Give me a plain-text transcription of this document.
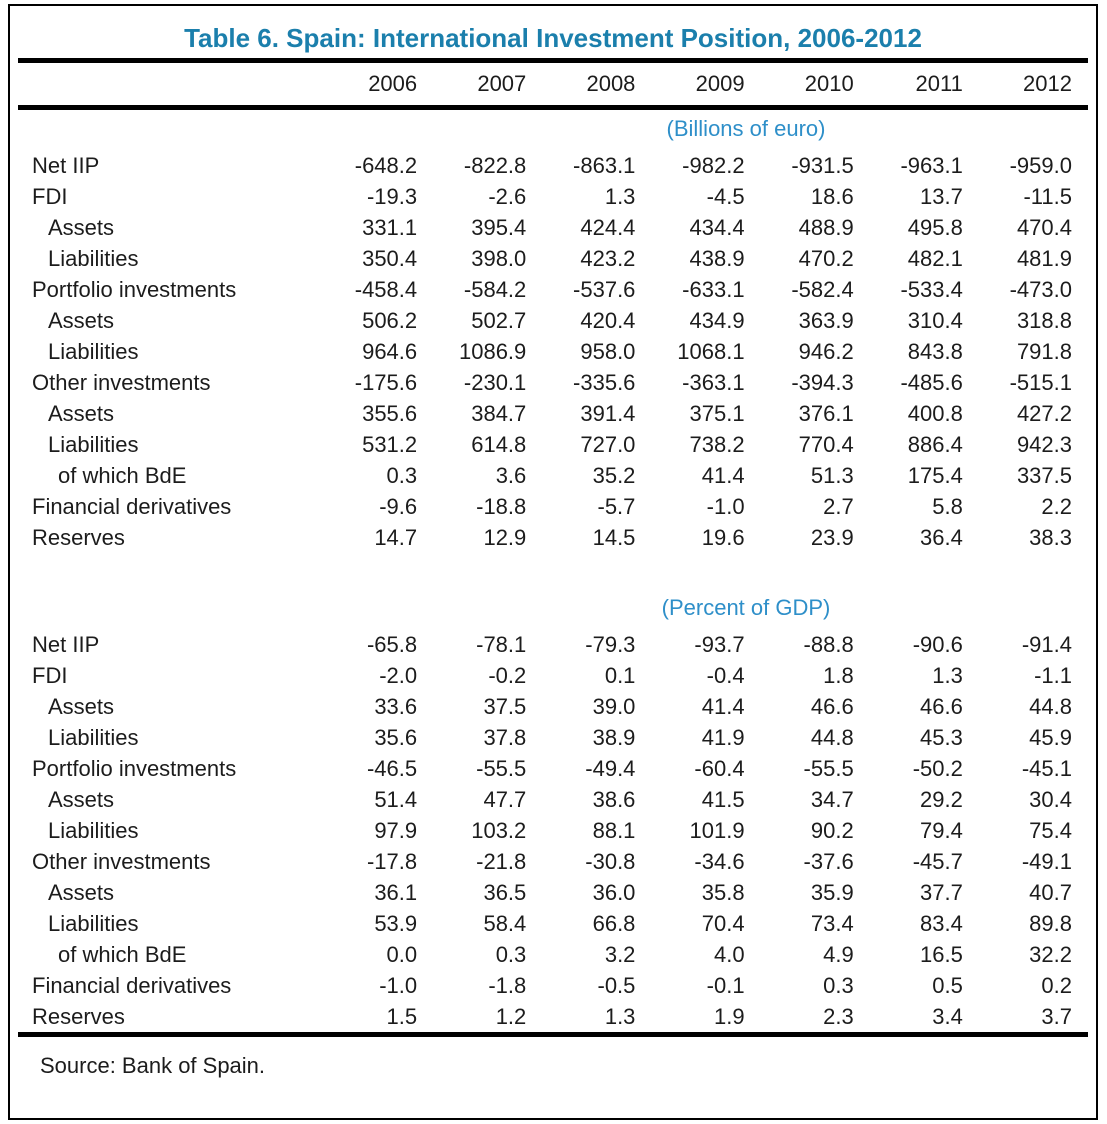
Table 6. Spain: International Investment Position, 2006-2012
2006	2007	2008	2009	2010	2011	2012
(Billions of euro)
Net IIP	-648.2	-822.8	-863.1	-982.2	-931.5	-963.1	-959.0
FDI	-19.3	-2.6	1.3	-4.5	18.6	13.7	-11.5
Assets	331.1	395.4	424.4	434.4	488.9	495.8	470.4
Liabilities	350.4	398.0	423.2	438.9	470.2	482.1	481.9
Portfolio investments	-458.4	-584.2	-537.6	-633.1	-582.4	-533.4	-473.0
Assets	506.2	502.7	420.4	434.9	363.9	310.4	318.8
Liabilities	964.6	1086.9	958.0	1068.1	946.2	843.8	791.8
Other investments	-175.6	-230.1	-335.6	-363.1	-394.3	-485.6	-515.1
Assets	355.6	384.7	391.4	375.1	376.1	400.8	427.2
Liabilities	531.2	614.8	727.0	738.2	770.4	886.4	942.3
of which BdE	0.3	3.6	35.2	41.4	51.3	175.4	337.5
Financial derivatives	-9.6	-18.8	-5.7	-1.0	2.7	5.8	2.2
Reserves	14.7	12.9	14.5	19.6	23.9	36.4	38.3
(Percent of GDP)
Net IIP	-65.8	-78.1	-79.3	-93.7	-88.8	-90.6	-91.4
FDI	-2.0	-0.2	0.1	-0.4	1.8	1.3	-1.1
Assets	33.6	37.5	39.0	41.4	46.6	46.6	44.8
Liabilities	35.6	37.8	38.9	41.9	44.8	45.3	45.9
Portfolio investments	-46.5	-55.5	-49.4	-60.4	-55.5	-50.2	-45.1
Assets	51.4	47.7	38.6	41.5	34.7	29.2	30.4
Liabilities	97.9	103.2	88.1	101.9	90.2	79.4	75.4
Other investments	-17.8	-21.8	-30.8	-34.6	-37.6	-45.7	-49.1
Assets	36.1	36.5	36.0	35.8	35.9	37.7	40.7
Liabilities	53.9	58.4	66.8	70.4	73.4	83.4	89.8
of which BdE	0.0	0.3	3.2	4.0	4.9	16.5	32.2
Financial derivatives	-1.0	-1.8	-0.5	-0.1	0.3	0.5	0.2
Reserves	1.5	1.2	1.3	1.9	2.3	3.4	3.7
Source: Bank of Spain.
